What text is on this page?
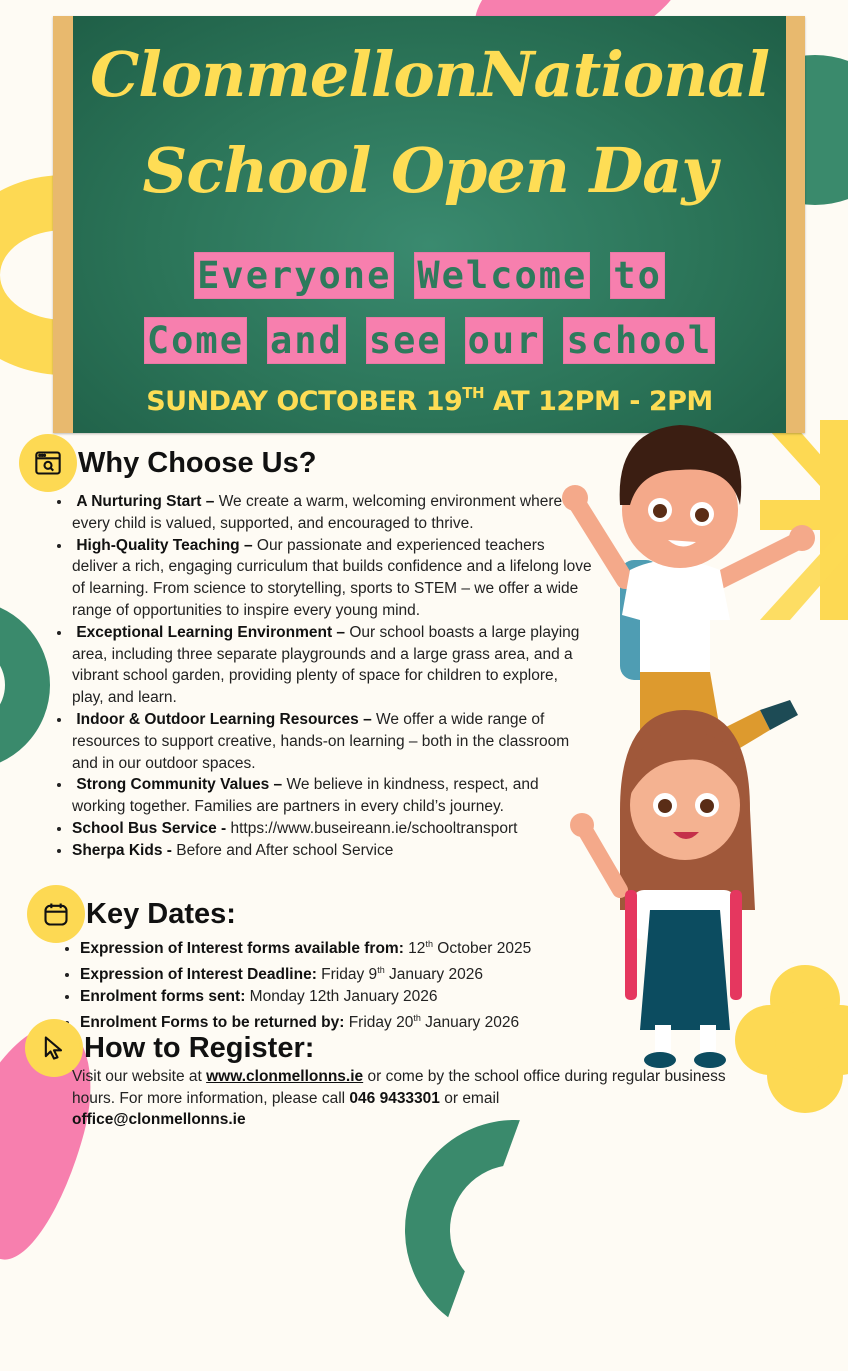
ClonmellonNational
School Open Day
Everyone Welcome to
Come and see our school
SUNDAY OCTOBER 19TH AT 12PM - 2PM
Why Choose Us?
• A Nurturing Start – We create a warm, welcoming environment where every child is valued, supported, and encouraged to thrive.
• High-Quality Teaching – Our passionate and experienced teachers deliver a rich, engaging curriculum that builds confidence and a lifelong love of learning. From science to storytelling, sports to STEM – we offer a wide range of opportunities to inspire every young mind.
• Exceptional Learning Environment – Our school boasts a large playing area, including three separate playgrounds and a large grass area, and a vibrant school garden, providing plenty of space for children to explore, play, and learn.
• Indoor & Outdoor Learning Resources – We offer a wide range of resources to support creative, hands-on learning – both in the classroom and in our outdoor spaces.
• Strong Community Values – We believe in kindness, respect, and working together. Families are partners in every child’s journey.
• School Bus Service - https://www.buseireann.ie/schooltransport
• Sherpa Kids - Before and After school Service
Key Dates:
• Expression of Interest forms available from: 12th October 2025
• Expression of Interest Deadline: Friday 9th January 2026
• Enrolment forms sent: Monday 12th January 2026
• Enrolment Forms to be returned by: Friday 20th January 2026
How to Register:
Visit our website at www.clonmellonns.ie or come by the school office during regular business hours. For more information, please call 046 9433301 or email
office@clonmellonns.ie
